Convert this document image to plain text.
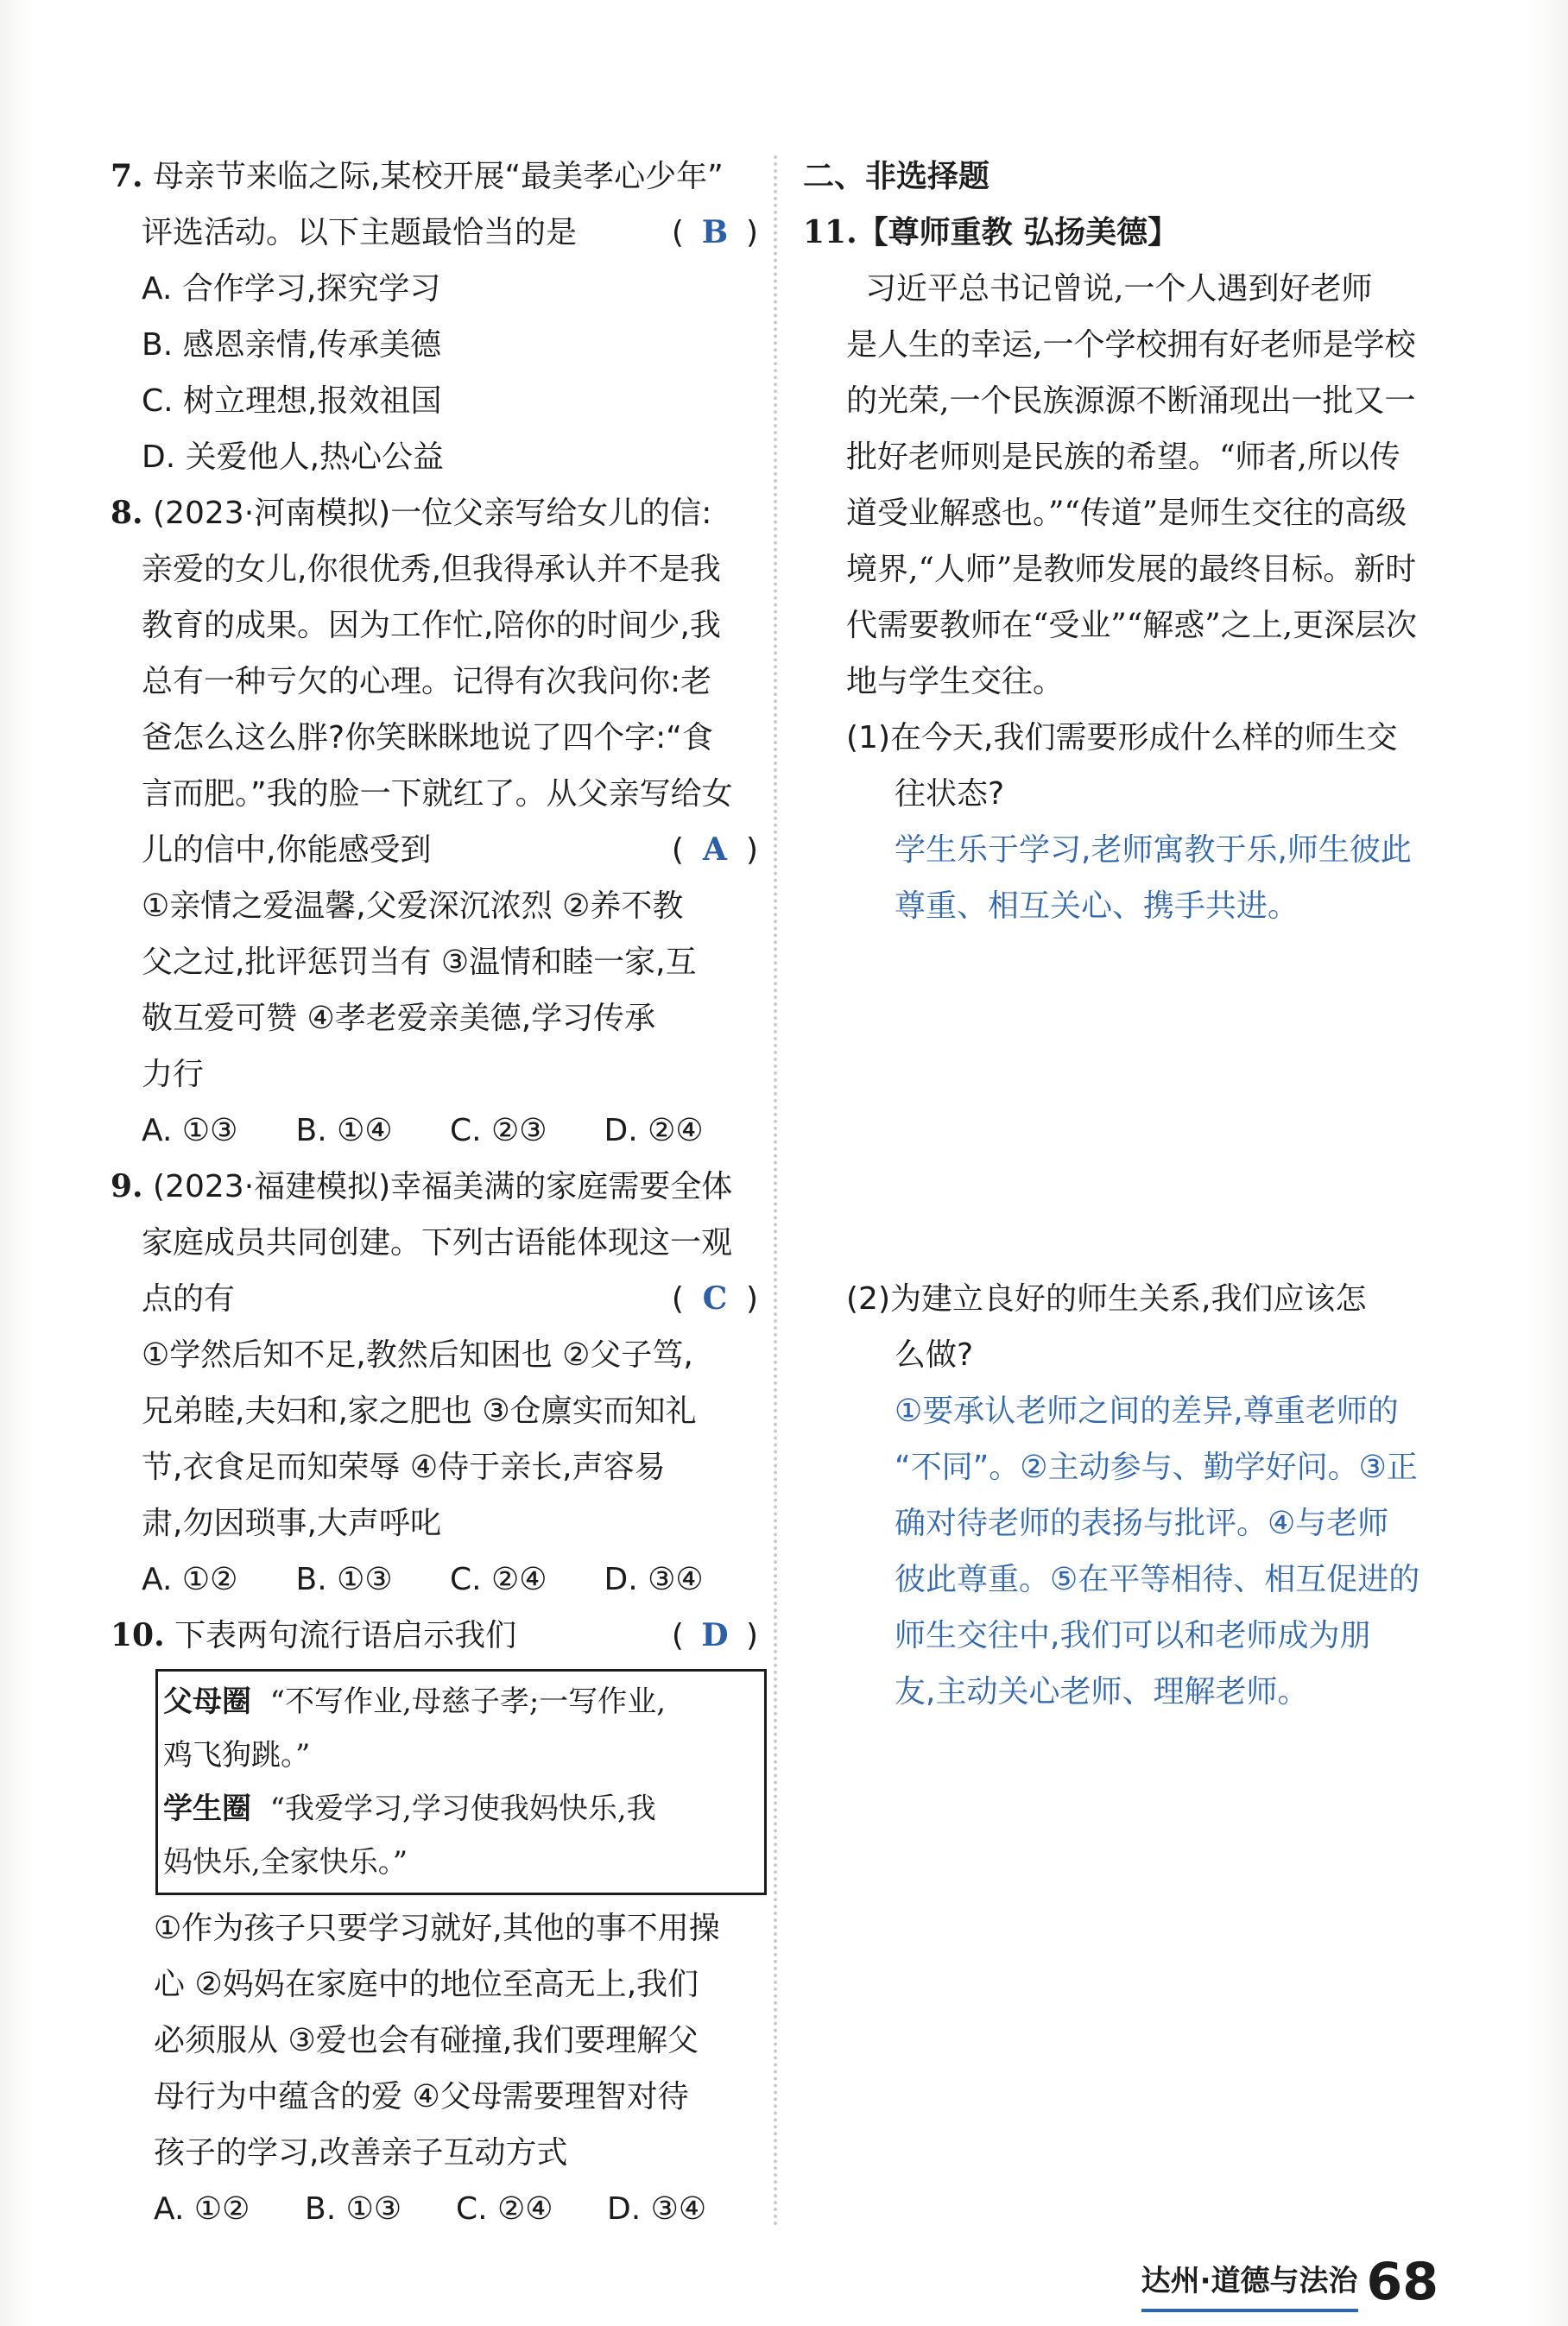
7. 母亲节来临之际,某校开展“最美孝心少年”
评选活动。以下主题最恰当的是	( B )
A. 合作学习,探究学习
B. 感恩亲情,传承美德
C. 树立理想,报效祖国
D. 关爱他人,热心公益
8. (2023·河南模拟)一位父亲写给女儿的信:
亲爱的女儿,你很优秀,但我得承认并不是我
教育的成果。因为工作忙,陪你的时间少,我
总有一种亏欠的心理。记得有次我问你:老
爸怎么这么胖?你笑眯眯地说了四个字:“食
言而肥。”我的脸一下就红了。从父亲写给女
儿的信中,你能感受到	( A )
①亲情之爱温馨,父爱深沉浓烈 ②养不教
父之过,批评惩罚当有 ③温情和睦一家,互
敬互爱可赞 ④孝老爱亲美德,学习传承
力行
A. ①③	B. ①④	C. ②③	D. ②④
9. (2023·福建模拟)幸福美满的家庭需要全体
家庭成员共同创建。下列古语能体现这一观
点的有	( C )
①学然后知不足,教然后知困也 ②父子笃,
兄弟睦,夫妇和,家之肥也 ③仓廪实而知礼
节,衣食足而知荣辱 ④侍于亲长,声容易
肃,勿因琐事,大声呼叱
A. ①②	B. ①③	C. ②④	D. ③④
10. 下表两句流行语启示我们	( D )
父母圈 “不写作业,母慈子孝;一写作业,
鸡飞狗跳。”
学生圈 “我爱学习,学习使我妈快乐,我
妈快乐,全家快乐。”
①作为孩子只要学习就好,其他的事不用操
心 ②妈妈在家庭中的地位至高无上,我们
必须服从 ③爱也会有碰撞,我们要理解父
母行为中蕴含的爱 ④父母需要理智对待
孩子的学习,改善亲子互动方式
A. ①②	B. ①③	C. ②④	D. ③④
二、非选择题
11.【尊师重教 弘扬美德】
习近平总书记曾说,一个人遇到好老师
是人生的幸运,一个学校拥有好老师是学校
的光荣,一个民族源源不断涌现出一批又一
批好老师则是民族的希望。“师者,所以传
道受业解惑也。”“传道”是师生交往的高级
境界,“人师”是教师发展的最终目标。新时
代需要教师在“受业”“解惑”之上,更深层次
地与学生交往。
(1)在今天,我们需要形成什么样的师生交
往状态?
学生乐于学习,老师寓教于乐,师生彼此
尊重、相互关心、携手共进。
(2)为建立良好的师生关系,我们应该怎
么做?
①要承认老师之间的差异,尊重老师的
“不同”。②主动参与、勤学好问。③正
确对待老师的表扬与批评。④与老师
彼此尊重。⑤在平等相待、相互促进的
师生交往中,我们可以和老师成为朋
友,主动关心老师、理解老师。
达州·道德与法治 68
